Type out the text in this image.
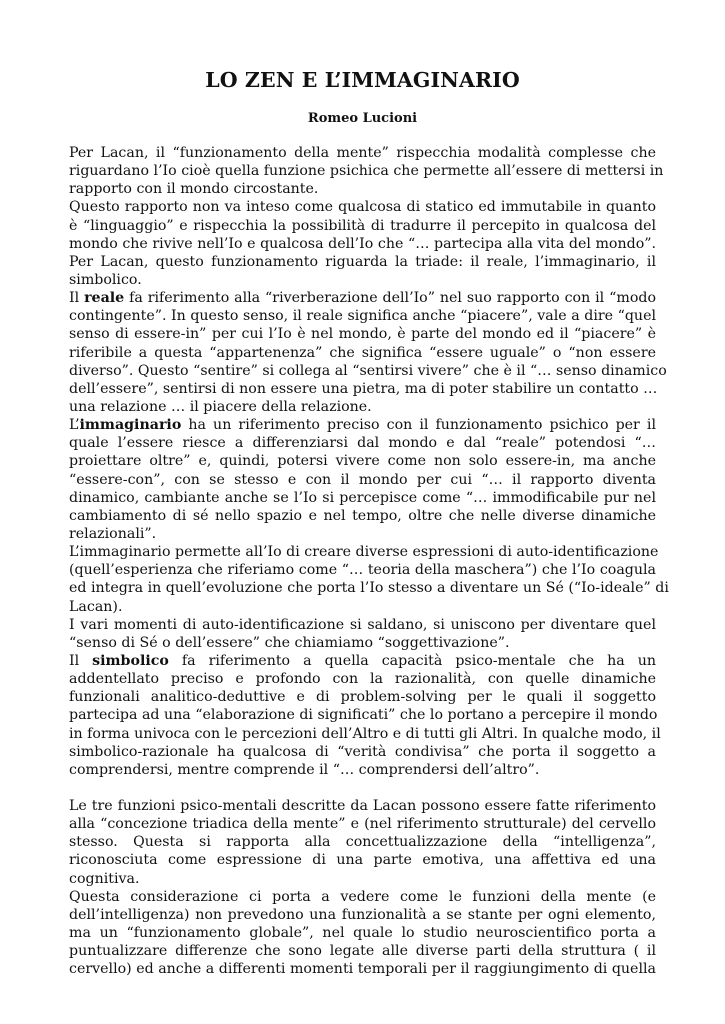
LO ZEN E L’IMMAGINARIO
Romeo Lucioni
Per Lacan, il “funzionamento della mente” rispecchia modalità complesse che
riguardano l’Io cioè quella funzione psichica che permette all’essere di mettersi in
rapporto con il mondo circostante.
Questo rapporto non va inteso come qualcosa di statico ed immutabile in quanto
è “linguaggio” e rispecchia la possibilità di tradurre il percepito in qualcosa del
mondo che rivive nell’Io e qualcosa dell’Io che “… partecipa alla vita del mondo”.
Per Lacan, questo funzionamento riguarda la triade: il reale, l’immaginario, il
simbolico.
Il reale fa riferimento alla “riverberazione dell’Io” nel suo rapporto con il “modo
contingente”. In questo senso, il reale significa anche “piacere”, vale a dire “quel
senso di essere-in” per cui l’Io è nel mondo, è parte del mondo ed il “piacere” è
riferibile a questa “appartenenza” che significa “essere uguale” o “non essere
diverso”. Questo “sentire” si collega al “sentirsi vivere” che è il “… senso dinamico
dell’essere”, sentirsi di non essere una pietra, ma di poter stabilire un contatto …
una relazione … il piacere della relazione.
L’immaginario ha un riferimento preciso con il funzionamento psichico per il
quale l’essere riesce a differenziarsi dal mondo e dal “reale” potendosi “…
proiettare oltre” e, quindi, potersi vivere come non solo essere-in, ma anche
“essere-con”, con se stesso e con il mondo per cui “… il rapporto diventa
dinamico, cambiante anche se l’Io si percepisce come “… immodificabile pur nel
cambiamento di sé nello spazio e nel tempo, oltre che nelle diverse dinamiche
relazionali”.
L’immaginario permette all’Io di creare diverse espressioni di auto-identificazione
(quell’esperienza che riferiamo come “… teoria della maschera”) che l’Io coagula
ed integra in quell’evoluzione che porta l’Io stesso a diventare un Sé (“Io-ideale” di
Lacan).
I vari momenti di auto-identificazione si saldano, si uniscono per diventare quel
“senso di Sé o dell’essere” che chiamiamo “soggettivazione”.
Il simbolico fa riferimento a quella capacità psico-mentale che ha un
addentellato preciso e profondo con la razionalità, con quelle dinamiche
funzionali analitico-deduttive e di problem-solving per le quali il soggetto
partecipa ad una “elaborazione di significati” che lo portano a percepire il mondo
in forma univoca con le percezioni dell’Altro e di tutti gli Altri. In qualche modo, il
simbolico-razionale ha qualcosa di “verità condivisa” che porta il soggetto a
comprendersi, mentre comprende il “… comprendersi dell’altro”.

Le tre funzioni psico-mentali descritte da Lacan possono essere fatte riferimento
alla “concezione triadica della mente” e (nel riferimento strutturale) del cervello
stesso. Questa si rapporta alla concettualizzazione della “intelligenza”,
riconosciuta come espressione di una parte emotiva, una affettiva ed una
cognitiva.
Questa considerazione ci porta a vedere come le funzioni della mente (e
dell’intelligenza) non prevedono una funzionalità a se stante per ogni elemento,
ma un “funzionamento globale”, nel quale lo studio neuroscientifico porta a
puntualizzare differenze che sono legate alle diverse parti della struttura ( il
cervello) ed anche a differenti momenti temporali per il raggiungimento di quella
